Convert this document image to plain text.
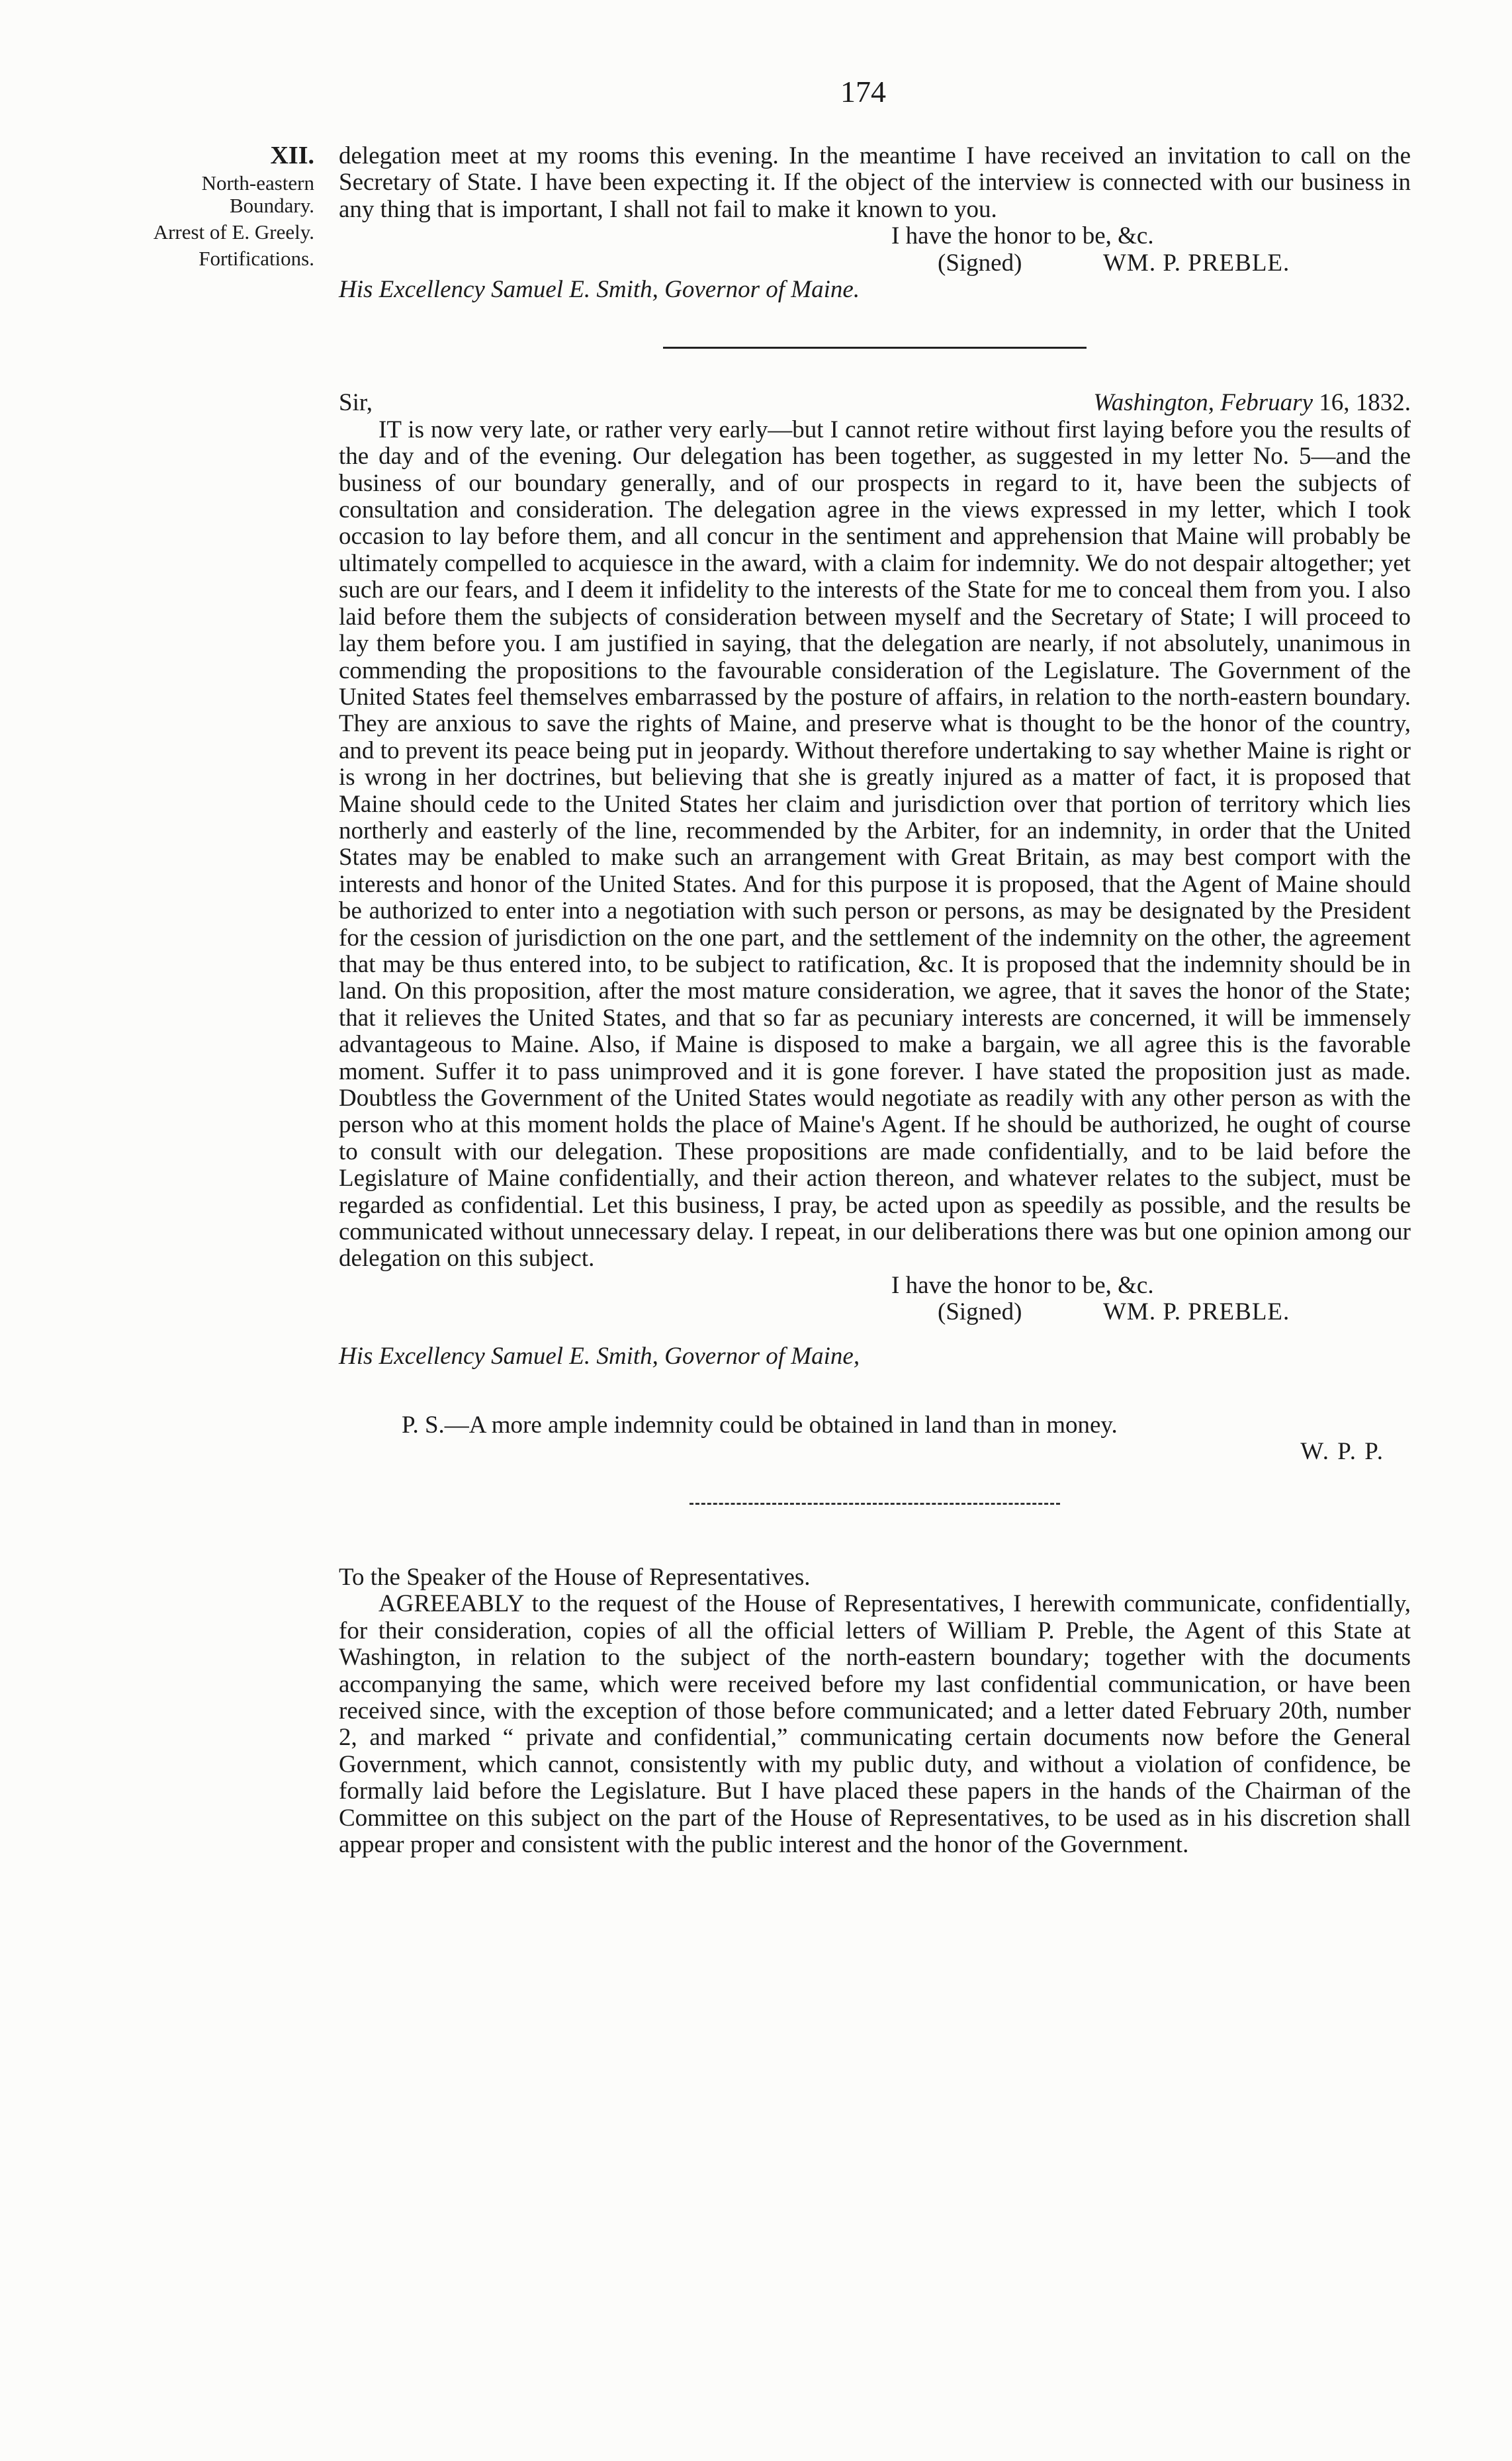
174
XII.
North-eastern
Boundary.
Arrest of E. Greely.
Fortifications.

delegation meet at my rooms this evening. In the meantime I have received an invitation to call on the Secretary of State. I have been expecting it. If the object of the interview is connected with our business in any thing that is important, I shall not fail to make it known to you.

I have the honor to be, &c.
(Signed)	WM. P. PREBLE.
His Excellency Samuel E. Smith, Governor of Maine.
Sir,	Washington, February 16, 1832.

IT is now very late, or rather very early—but I cannot retire without first laying before you the results of the day and of the evening. Our delegation has been together, as suggested in my letter No. 5—and the business of our boundary generally, and of our prospects in regard to it, have been the subjects of consultation and consideration. The delegation agree in the views expressed in my letter, which I took occasion to lay before them, and all concur in the sentiment and apprehension that Maine will probably be ultimately compelled to acquiesce in the award, with a claim for indemnity. We do not despair altogether; yet such are our fears, and I deem it infidelity to the interests of the State for me to conceal them from you. I also laid before them the subjects of consideration between myself and the Secretary of State; I will proceed to lay them before you. I am justified in saying, that the delegation are nearly, if not absolutely, unanimous in commending the propositions to the favourable consideration of the Legislature. The Government of the United States feel themselves embarrassed by the posture of affairs, in relation to the north-eastern boundary. They are anxious to save the rights of Maine, and preserve what is thought to be the honor of the country, and to prevent its peace being put in jeopardy. Without therefore undertaking to say whether Maine is right or is wrong in her doctrines, but believing that she is greatly injured as a matter of fact, it is proposed that Maine should cede to the United States her claim and jurisdiction over that portion of territory which lies northerly and easterly of the line, recommended by the Arbiter, for an indemnity, in order that the United States may be enabled to make such an arrangement with Great Britain, as may best comport with the interests and honor of the United States. And for this purpose it is proposed, that the Agent of Maine should be authorized to enter into a negotiation with such person or persons, as may be designated by the President for the cession of jurisdiction on the one part, and the settlement of the indemnity on the other, the agreement that may be thus entered into, to be subject to ratification, &c. It is proposed that the indemnity should be in land. On this proposition, after the most mature consideration, we agree, that it saves the honor of the State; that it relieves the United States, and that so far as pecuniary interests are concerned, it will be immensely advantageous to Maine. Also, if Maine is disposed to make a bargain, we all agree this is the favorable moment. Suffer it to pass unimproved and it is gone forever. I have stated the proposition just as made. Doubtless the Government of the United States would negotiate as readily with any other person as with the person who at this moment holds the place of Maine's Agent. If he should be authorized, he ought of course to consult with our delegation. These propositions are made confidentially, and to be laid before the Legislature of Maine confidentially, and their action thereon, and whatever relates to the subject, must be regarded as confidential. Let this business, I pray, be acted upon as speedily as possible, and the results be communicated without unnecessary delay. I repeat, in our deliberations there was but one opinion among our delegation on this subject.

I have the honor to be, &c.
(Signed)	WM. P. PREBLE.
His Excellency Samuel E. Smith, Governor of Maine,
P. S.—A more ample indemnity could be obtained in land than in money.
W. P. P.

To the Speaker of the House of Representatives.

AGREEABLY to the request of the House of Representatives, I herewith communicate, confidentially, for their consideration, copies of all the official letters of William P. Preble, the Agent of this State at Washington, in relation to the subject of the north-eastern boundary; together with the documents accompanying the same, which were received before my last confidential communication, or have been received since, with the exception of those before communicated; and a letter dated February 20th, number 2, and marked “ private and confidential,” communicating certain documents now before the General Government, which cannot, consistently with my public duty, and without a violation of confidence, be formally laid before the Legislature. But I have placed these papers in the hands of the Chairman of the Committee on this subject on the part of the House of Representatives, to be used as in his discretion shall appear proper and consistent with the public interest and the honor of the Government.
